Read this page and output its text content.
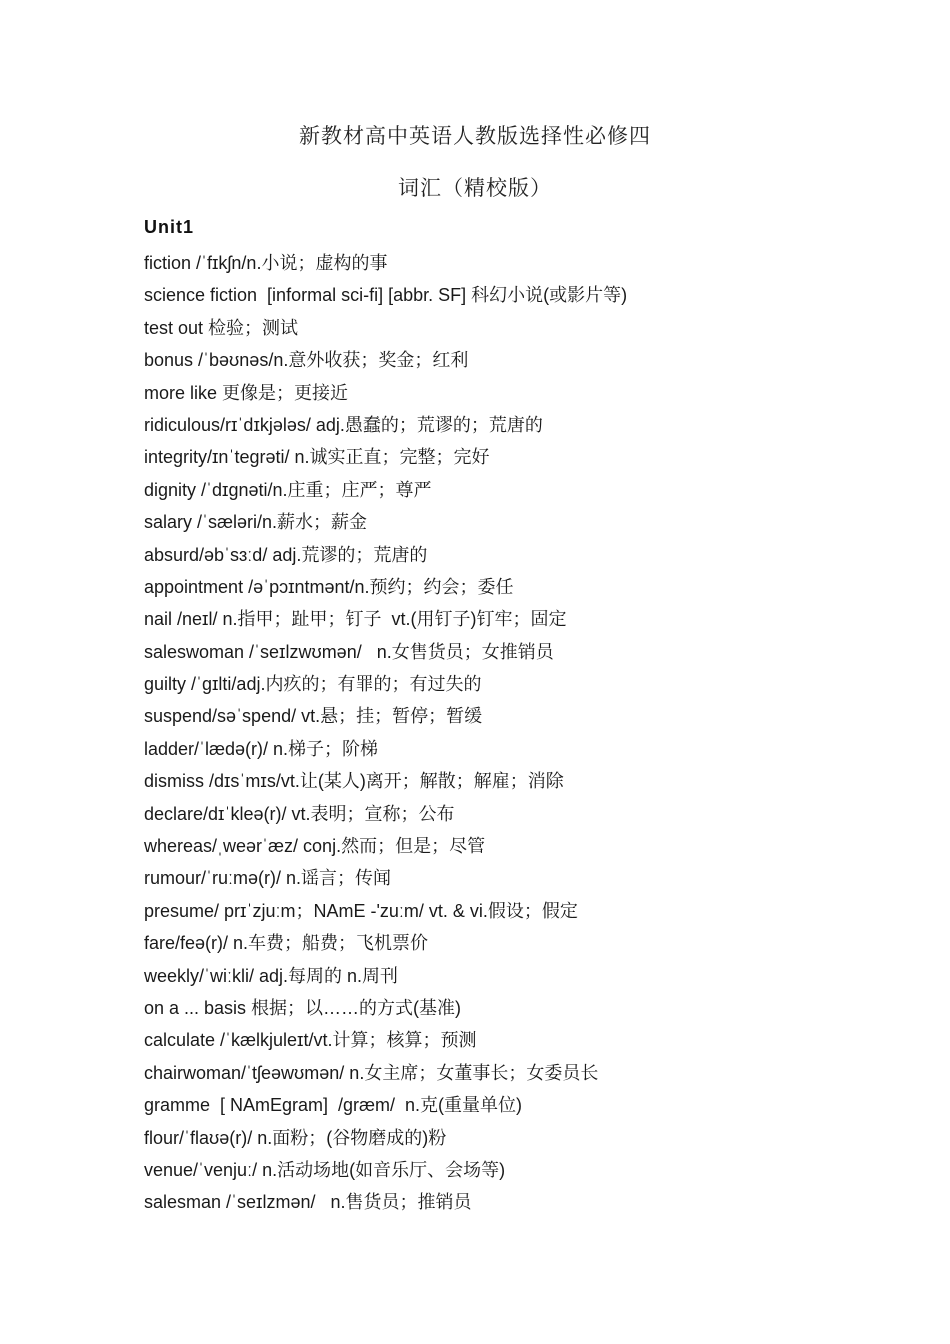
新教材高中英语人教版选择性必修四
词汇（精校版）
Unit1
fiction /ˈfɪkʃn/n.小说；虚构的事
science fiction  [informal sci-fi] [abbr. SF] 科幻小说(或影片等)
test out 检验；测试
bonus /ˈbəʊnəs/n.意外收获；奖金；红利
more like 更像是；更接近
ridiculous/rɪˈdɪkjələs/ adj.愚蠢的；荒谬的；荒唐的
integrity/ɪnˈtegrəti/ n.诚实正直；完整；完好
dignity /ˈdɪgnəti/n.庄重；庄严；尊严
salary /ˈsæləri/n.薪水；薪金
absurd/əbˈsɜːd/ adj.荒谬的；荒唐的
appointment /əˈpɔɪntmənt/n.预约；约会；委任
nail /neɪl/ n.指甲；趾甲；钉子  vt.(用钉子)钉牢；固定
saleswoman /ˈseɪlzwʊmən/   n.女售货员；女推销员
guilty /ˈgɪlti/adj.内疚的；有罪的；有过失的
suspend/səˈspend/ vt.悬；挂；暂停；暂缓
ladder/ˈlædə(r)/ n.梯子；阶梯
dismiss /dɪsˈmɪs/vt.让(某人)离开；解散；解雇；消除
declare/dɪˈkleə(r)/ vt.表明；宣称；公布
whereas/ˌweərˈæz/ conj.然而；但是；尽管
rumour/ˈruːmə(r)/ n.谣言；传闻
presume/ prɪˈzjuːm；NAmE -'zuːm/ vt. & vi.假设；假定
fare/feə(r)/ n.车费；船费；飞机票价
weekly/ˈwiːkli/ adj.每周的 n.周刊
on a ... basis 根据；以……的方式(基准)
calculate /ˈkælkjuleɪt/vt.计算；核算；预测
chairwoman/ˈtʃeəwʊmən/ n.女主席；女董事长；女委员长
gramme  [ NAmEgram]  /græm/  n.克(重量单位)
flour/ˈflaʊə(r)/ n.面粉；(谷物磨成的)粉
venue/ˈvenjuː/ n.活动场地(如音乐厅、会场等)
salesman /ˈseɪlzmən/   n.售货员；推销员
